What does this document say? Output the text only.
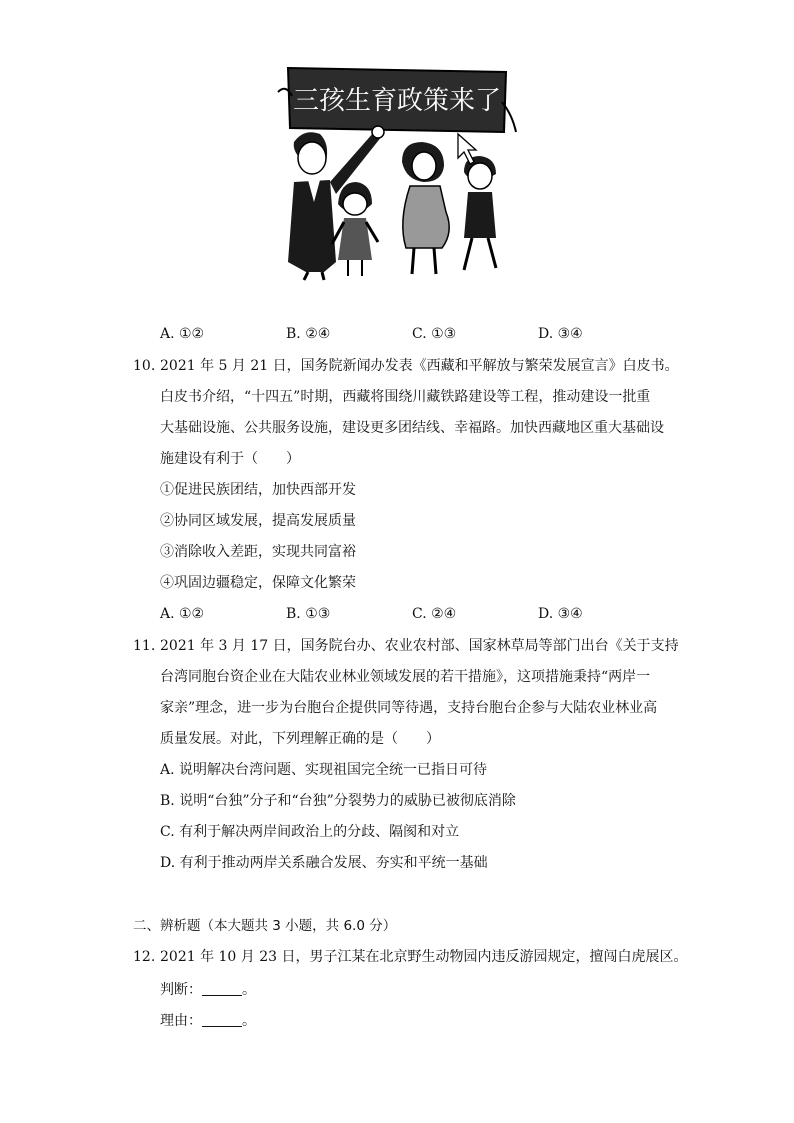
三孩生育政策来了
A. ①②	B. ②④	C. ①③	D. ③④
10. 2021 年 5 月 21 日，国务院新闻办发表《西藏和平解放与繁荣发展宣言》白皮书。
白皮书介绍，“十四五”时期，西藏将围绕川藏铁路建设等工程，推动建设一批重
大基础设施、公共服务设施，建设更多团结线、幸福路。加快西藏地区重大基础设
施建设有利于（　　）
①促进民族团结，加快西部开发
②协同区域发展，提高发展质量
③消除收入差距，实现共同富裕
④巩固边疆稳定，保障文化繁荣
A. ①②	B. ①③	C. ②④	D. ③④
11. 2021 年 3 月 17 日，国务院台办、农业农村部、国家林草局等部门出台《关于支持
台湾同胞台资企业在大陆农业林业领域发展的若干措施》，这项措施秉持“两岸一
家亲”理念，进一步为台胞台企提供同等待遇，支持台胞台企参与大陆农业林业高
质量发展。对此，下列理解正确的是（　　）
A. 说明解决台湾问题、实现祖国完全统一已指日可待
B. 说明“台独”分子和“台独”分裂势力的威胁已被彻底消除
C. 有利于解决两岸间政治上的分歧、隔阂和对立
D. 有利于推动两岸关系融合发展、夯实和平统一基础
二、辨析题（本大题共 3 小题，共 6.0 分）
12. 2021 年 10 月 23 日，男子江某在北京野生动物园内违反游园规定，擅闯白虎展区。
判断：	。
理由：	。
